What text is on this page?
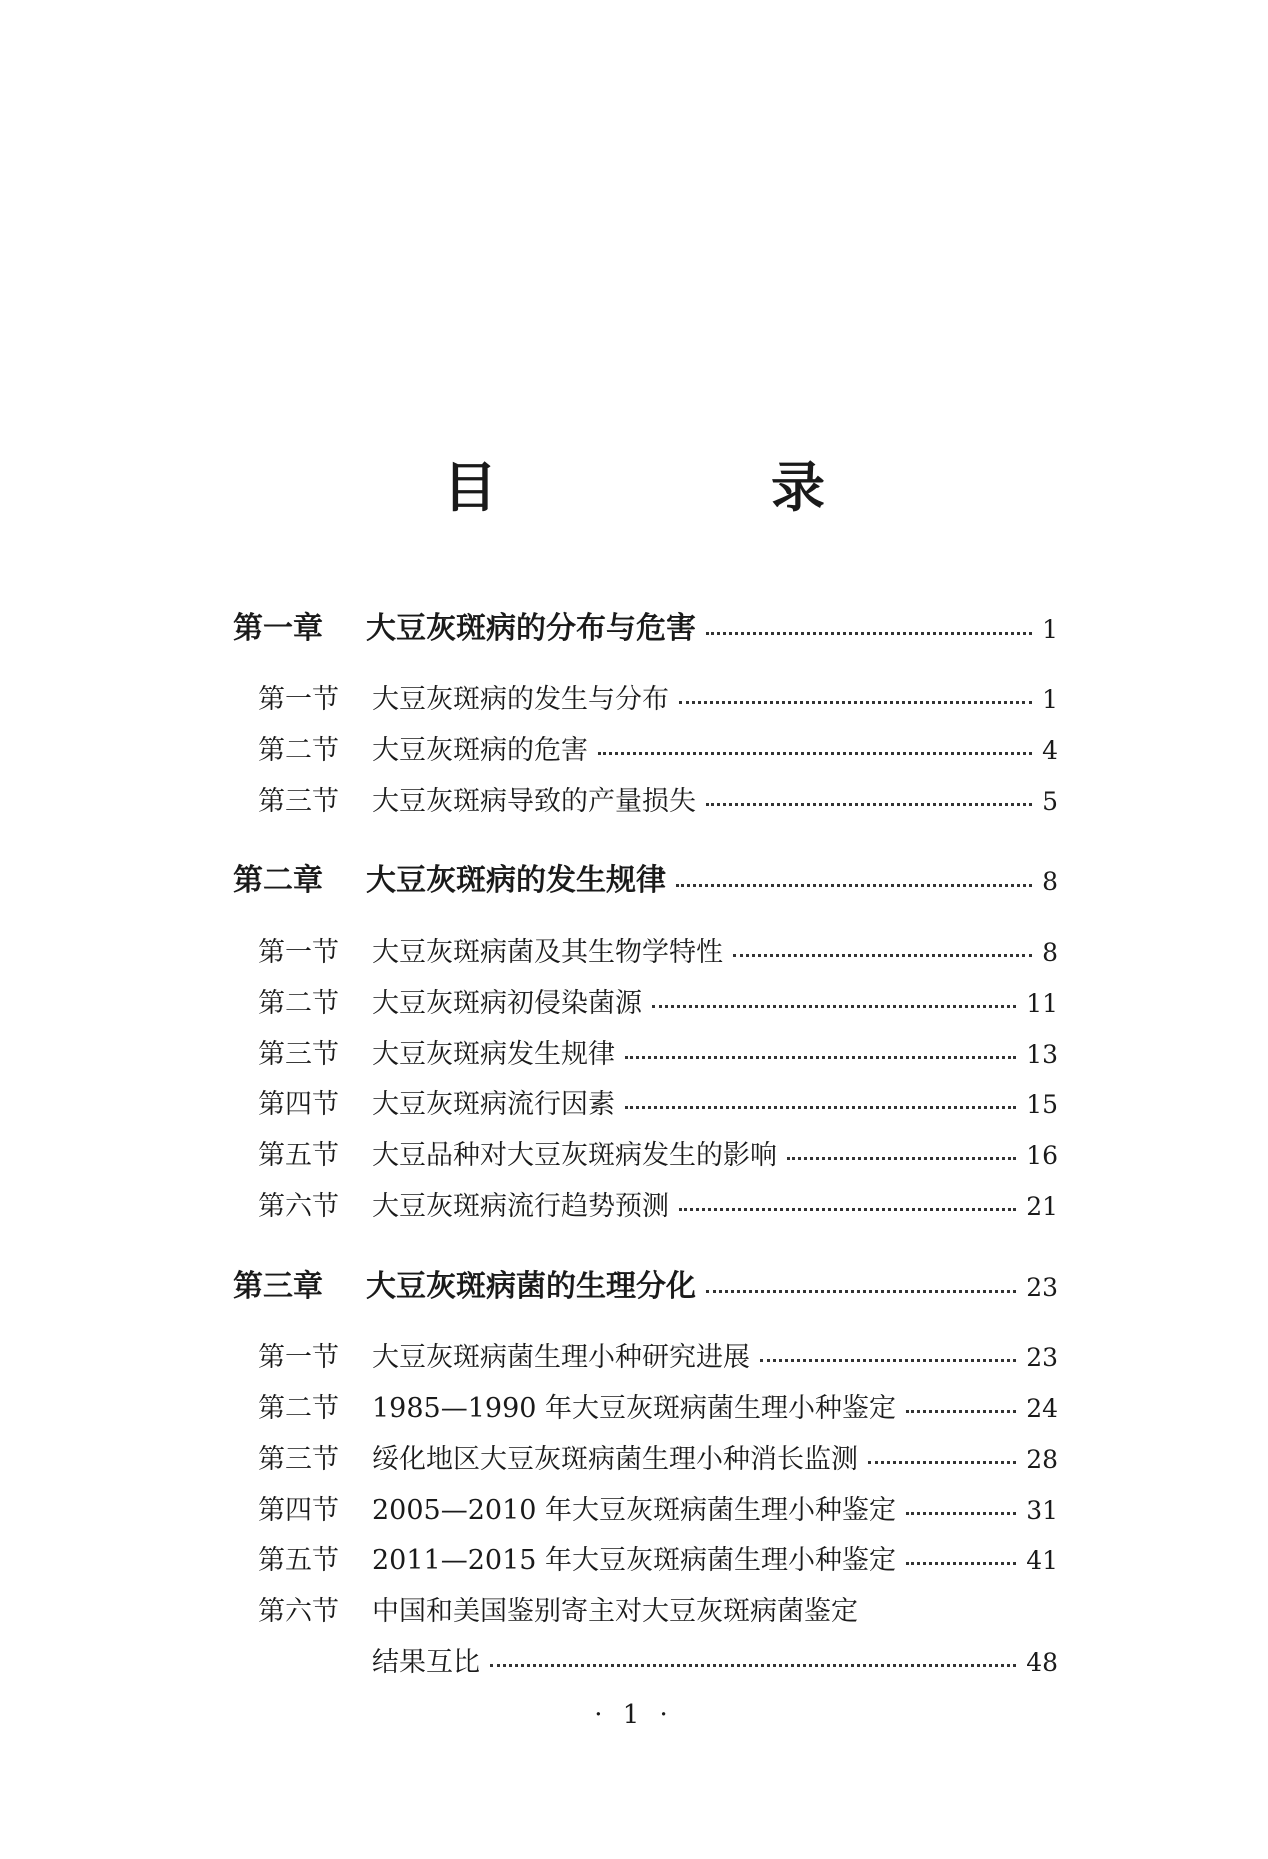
目　录
第一章	大豆灰斑病的分布与危害	1
第一节	大豆灰斑病的发生与分布	1
第二节	大豆灰斑病的危害	4
第三节	大豆灰斑病导致的产量损失	5
第二章	大豆灰斑病的发生规律	8
第一节	大豆灰斑病菌及其生物学特性	8
第二节	大豆灰斑病初侵染菌源	11
第三节	大豆灰斑病发生规律	13
第四节	大豆灰斑病流行因素	15
第五节	大豆品种对大豆灰斑病发生的影响	16
第六节	大豆灰斑病流行趋势预测	21
第三章	大豆灰斑病菌的生理分化	23
第一节	大豆灰斑病菌生理小种研究进展	23
第二节	1985—1990 年大豆灰斑病菌生理小种鉴定	24
第三节	绥化地区大豆灰斑病菌生理小种消长监测	28
第四节	2005—2010 年大豆灰斑病菌生理小种鉴定	31
第五节	2011—2015 年大豆灰斑病菌生理小种鉴定	41
第六节	中国和美国鉴别寄主对大豆灰斑病菌鉴定
结果互比	48
· 1 ·
